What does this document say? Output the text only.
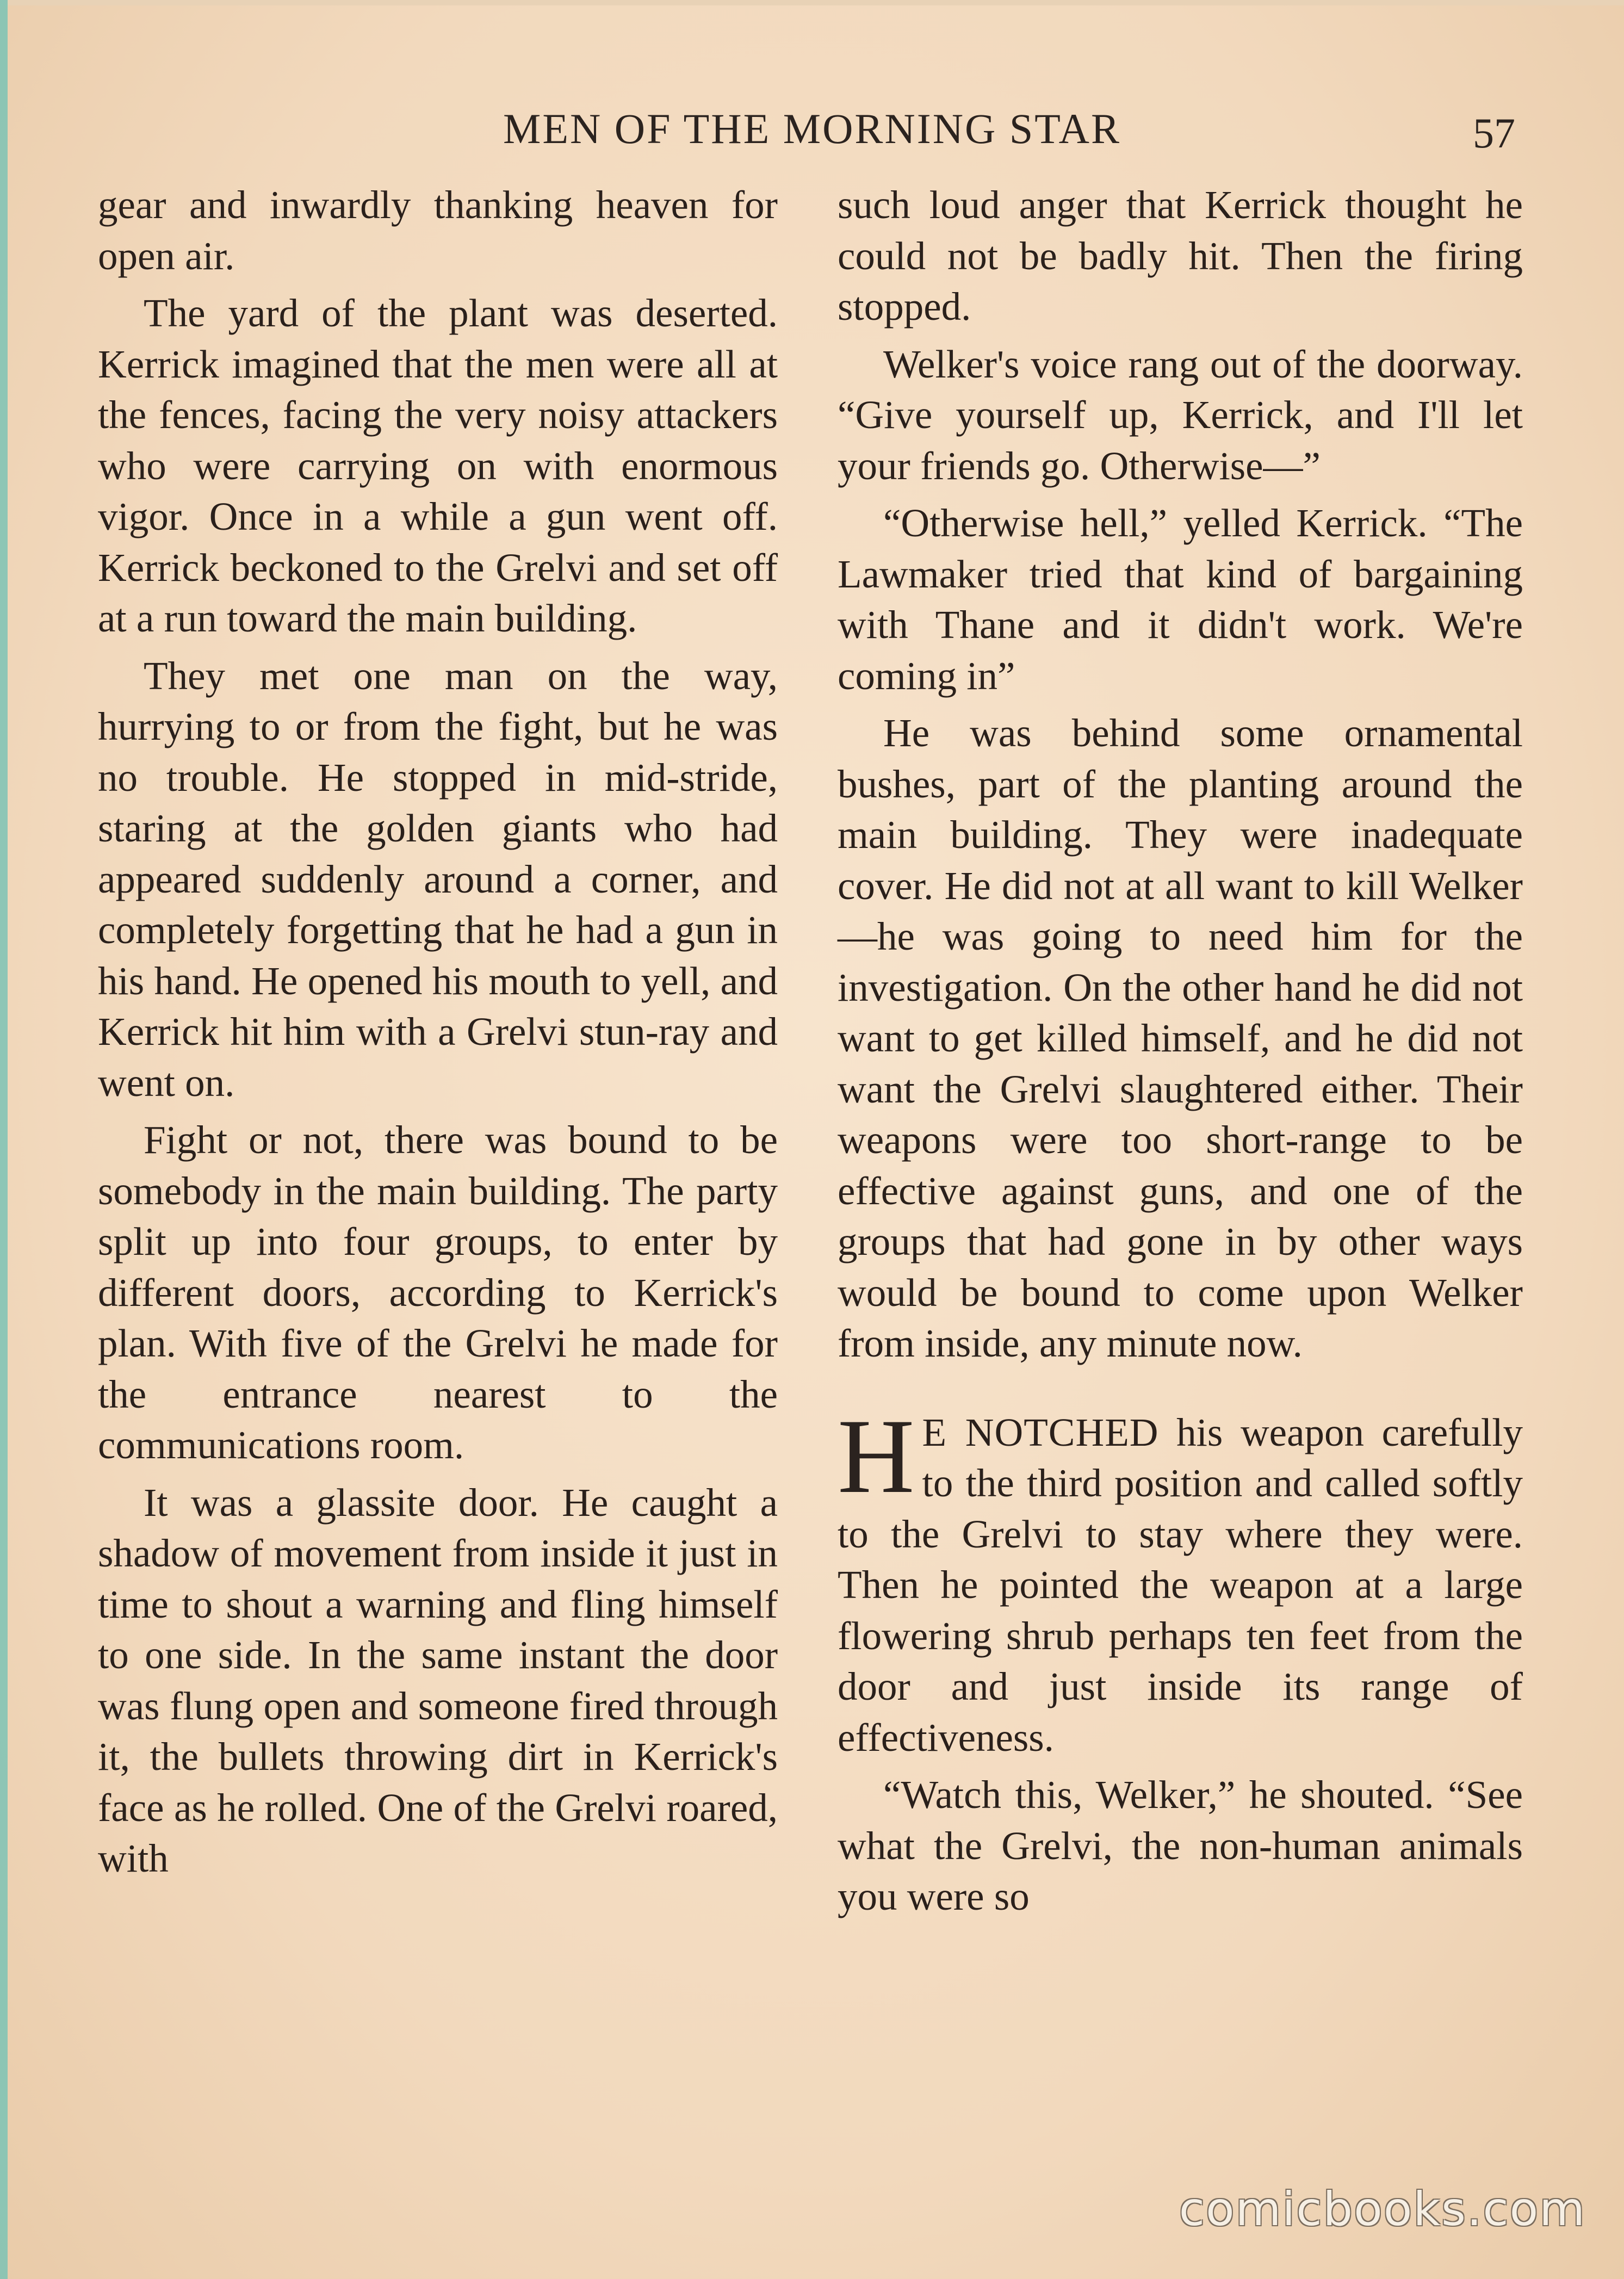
MEN OF THE MORNING STAR	57

gear and inwardly thanking heaven for open air.

The yard of the plant was deserted. Kerrick imagined that the men were all at the fences, facing the very noisy attackers who were carrying on with enormous vigor. Once in a while a gun went off. Kerrick beckoned to the Grelvi and set off at a run toward the main building.

They met one man on the way, hurrying to or from the fight, but he was no trouble. He stopped in mid-stride, staring at the golden giants who had appeared suddenly around a corner, and completely forgetting that he had a gun in his hand. He opened his mouth to yell, and Kerrick hit him with a Grelvi stun-ray and went on.

Fight or not, there was bound to be somebody in the main building. The party split up into four groups, to enter by different doors, according to Kerrick's plan. With five of the Grelvi he made for the entrance nearest to the communications room.

It was a glassite door. He caught a shadow of movement from inside it just in time to shout a warning and fling himself to one side. In the same instant the door was flung open and someone fired through it, the bullets throwing dirt in Kerrick's face as he rolled. One of the Grelvi roared, with

such loud anger that Kerrick thought he could not be badly hit. Then the firing stopped.

Welker's voice rang out of the doorway. “Give yourself up, Kerrick, and I'll let your friends go. Otherwise—”

“Otherwise hell,” yelled Kerrick. “The Lawmaker tried that kind of bargaining with Thane and it didn't work. We're coming in”

He was behind some ornamental bushes, part of the planting around the main building. They were inadequate cover. He did not at all want to kill Welker—he was going to need him for the investigation. On the other hand he did not want to get killed himself, and he did not want the Grelvi slaughtered either. Their weapons were too short-range to be effective against guns, and one of the groups that had gone in by other ways would be bound to come upon Welker from inside, any minute now.

H E NOTCHED his weapon carefully to the third position and called softly to the Grelvi to stay where they were. Then he pointed the weapon at a large flowering shrub perhaps ten feet from the door and just inside its range of effectiveness.

“Watch this, Welker,” he shouted. “See what the Grelvi, the non-human animals you were so

comicbooks.com
